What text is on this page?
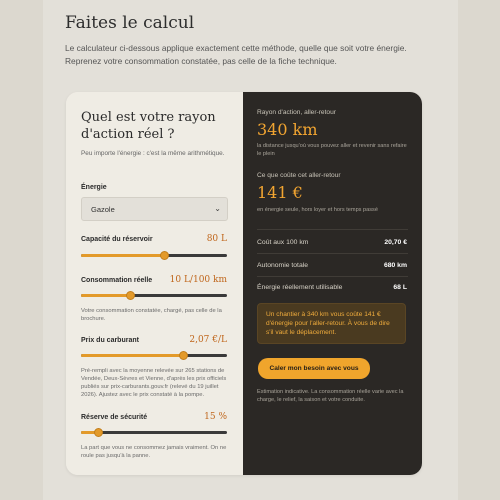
Faites le calcul

Le calculateur ci-dessous applique exactement cette méthode, quelle que soit votre énergie. Reprenez votre consommation constatée, pas celle de la fiche technique.

Quel est votre rayon d'action réel ?
Peu importe l'énergie : c'est la même arithmétique.
Énergie
Gazole	⌄
Capacité du réservoir	80 L
Consommation réelle 10 L/100 km
Votre consommation constatée, chargé, pas celle de la brochure.
Prix du carburant	2,07 €/L
Pré-rempli avec la moyenne relevée sur 265 stations de Vendée, Deux-Sèvres et Vienne, d'après les prix officiels publiés sur prix-carburants.gouv.fr (relevé du 19 juillet 2026). Ajustez avec le prix constaté à la pompe.
Réserve de sécurité	15 %
La part que vous ne consommez jamais vraiment. On ne roule pas jusqu'à la panne.
Rayon d'action, aller-retour
340 km
la distance jusqu'où vous pouvez aller et revenir sans refaire le plein
Ce que coûte cet aller-retour
141 €
en énergie seule, hors loyer et hors temps passé
Coût aux 100 km	20,70 €
Autonomie totale	680 km
Énergie réellement utilisable	68 L
Un chantier à 340 km vous coûte 141 € d'énergie pour l'aller-retour. À vous de dire s'il vaut le déplacement.
Caler mon besoin avec vous
Estimation indicative. La consommation réelle varie avec la charge, le relief, la saison et votre conduite.
